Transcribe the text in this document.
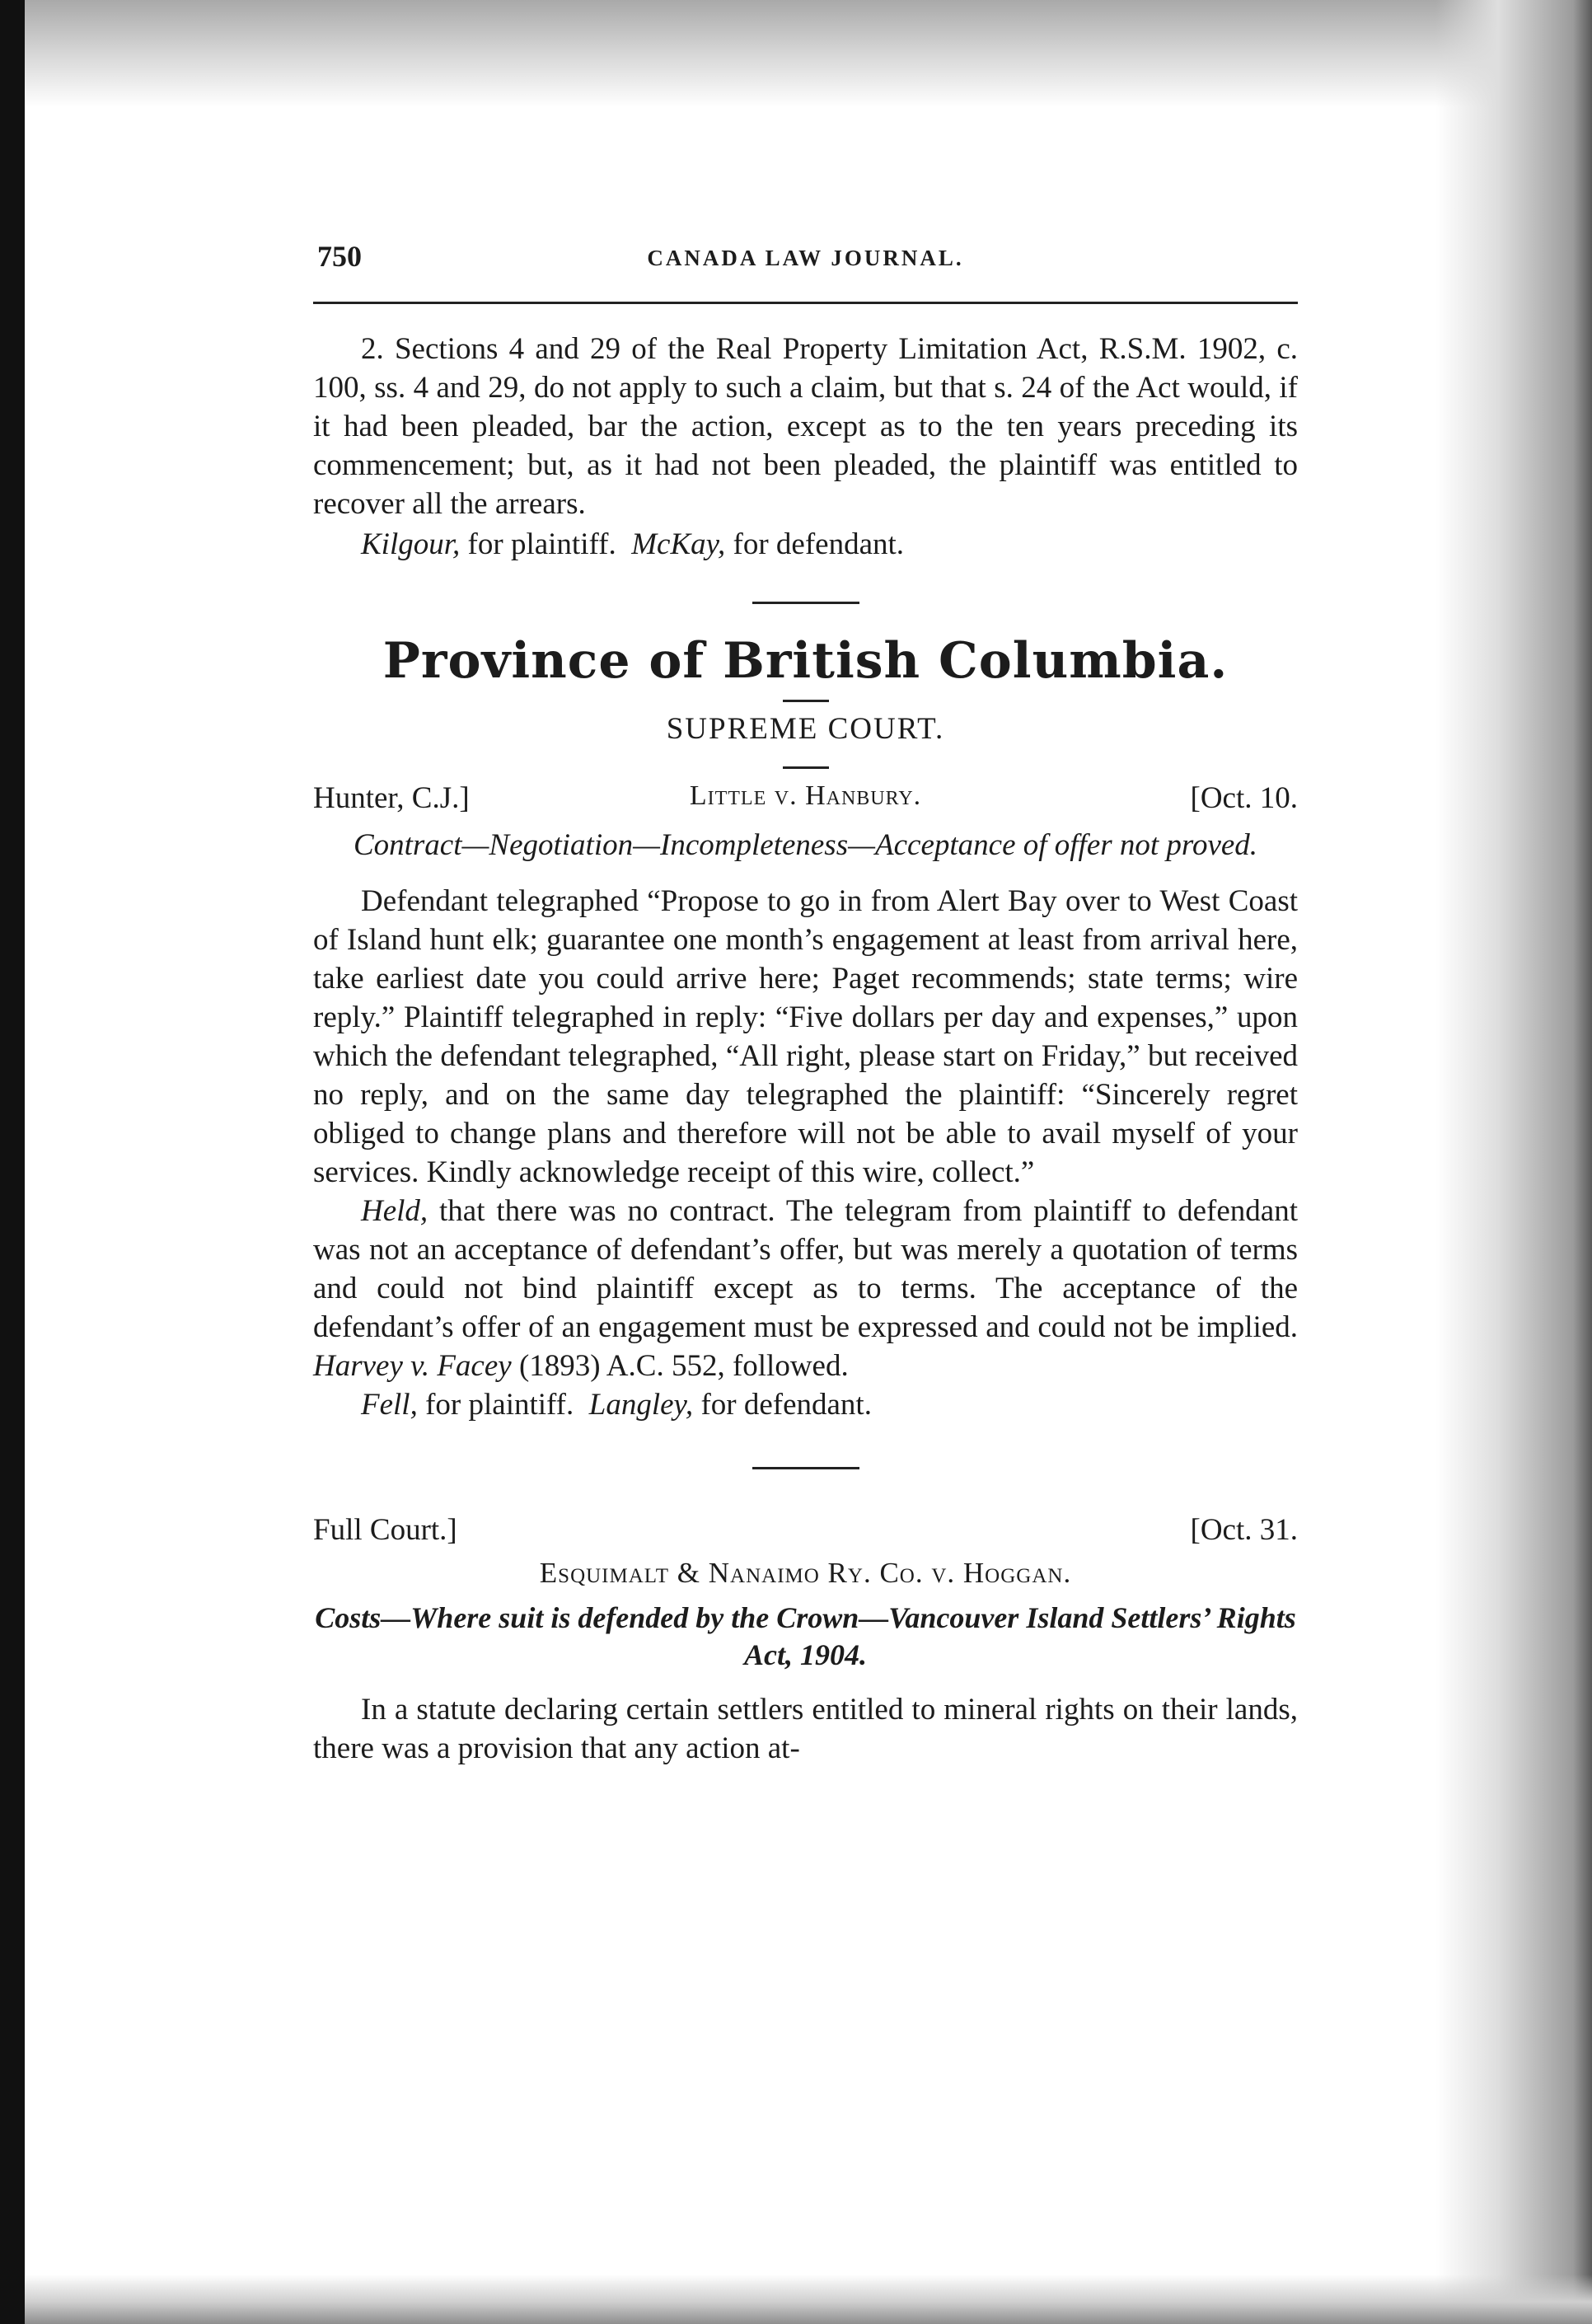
750	CANADA LAW JOURNAL.

2. Sections 4 and 29 of the Real Property Limitation Act, R.S.M. 1902, c. 100, ss. 4 and 29, do not apply to such a claim, but that s. 24 of the Act would, if it had been pleaded, bar the action, except as to the ten years preceding its commencement; but, as it had not been pleaded, the plaintiff was entitled to recover all the arrears.

Kilgour, for plaintiff. McKay, for defendant.

Province of British Columbia.
SUPREME COURT.
Hunter, C.J.]	Little v. Hanbury.	[Oct. 10.
Contract—Negotiation—Incompleteness—Acceptance of offer not proved.

Defendant telegraphed “Propose to go in from Alert Bay over to West Coast of Island hunt elk; guarantee one month’s engagement at least from arrival here, take earliest date you could arrive here; Paget recommends; state terms; wire reply.” Plaintiff telegraphed in reply: “Five dollars per day and expenses,” upon which the defendant telegraphed, “All right, please start on Friday,” but received no reply, and on the same day telegraphed the plaintiff: “Sincerely regret obliged to change plans and therefore will not be able to avail myself of your services. Kindly acknowledge receipt of this wire, collect.”

Held, that there was no contract. The telegram from plaintiff to defendant was not an acceptance of defendant’s offer, but was merely a quotation of terms and could not bind plaintiff except as to terms. The acceptance of the defendant’s offer of an engagement must be expressed and could not be implied. Harvey v. Facey (1893) A.C. 552, followed.

Fell, for plaintiff. Langley, for defendant.

Full Court.]	[Oct. 31.
Esquimalt & Nanaimo Ry. Co. v. Hoggan.
Costs—Where suit is defended by the Crown—Vancouver Island Settlers’ Rights Act, 1904.

In a statute declaring certain settlers entitled to mineral rights on their lands, there was a provision that any action at-
